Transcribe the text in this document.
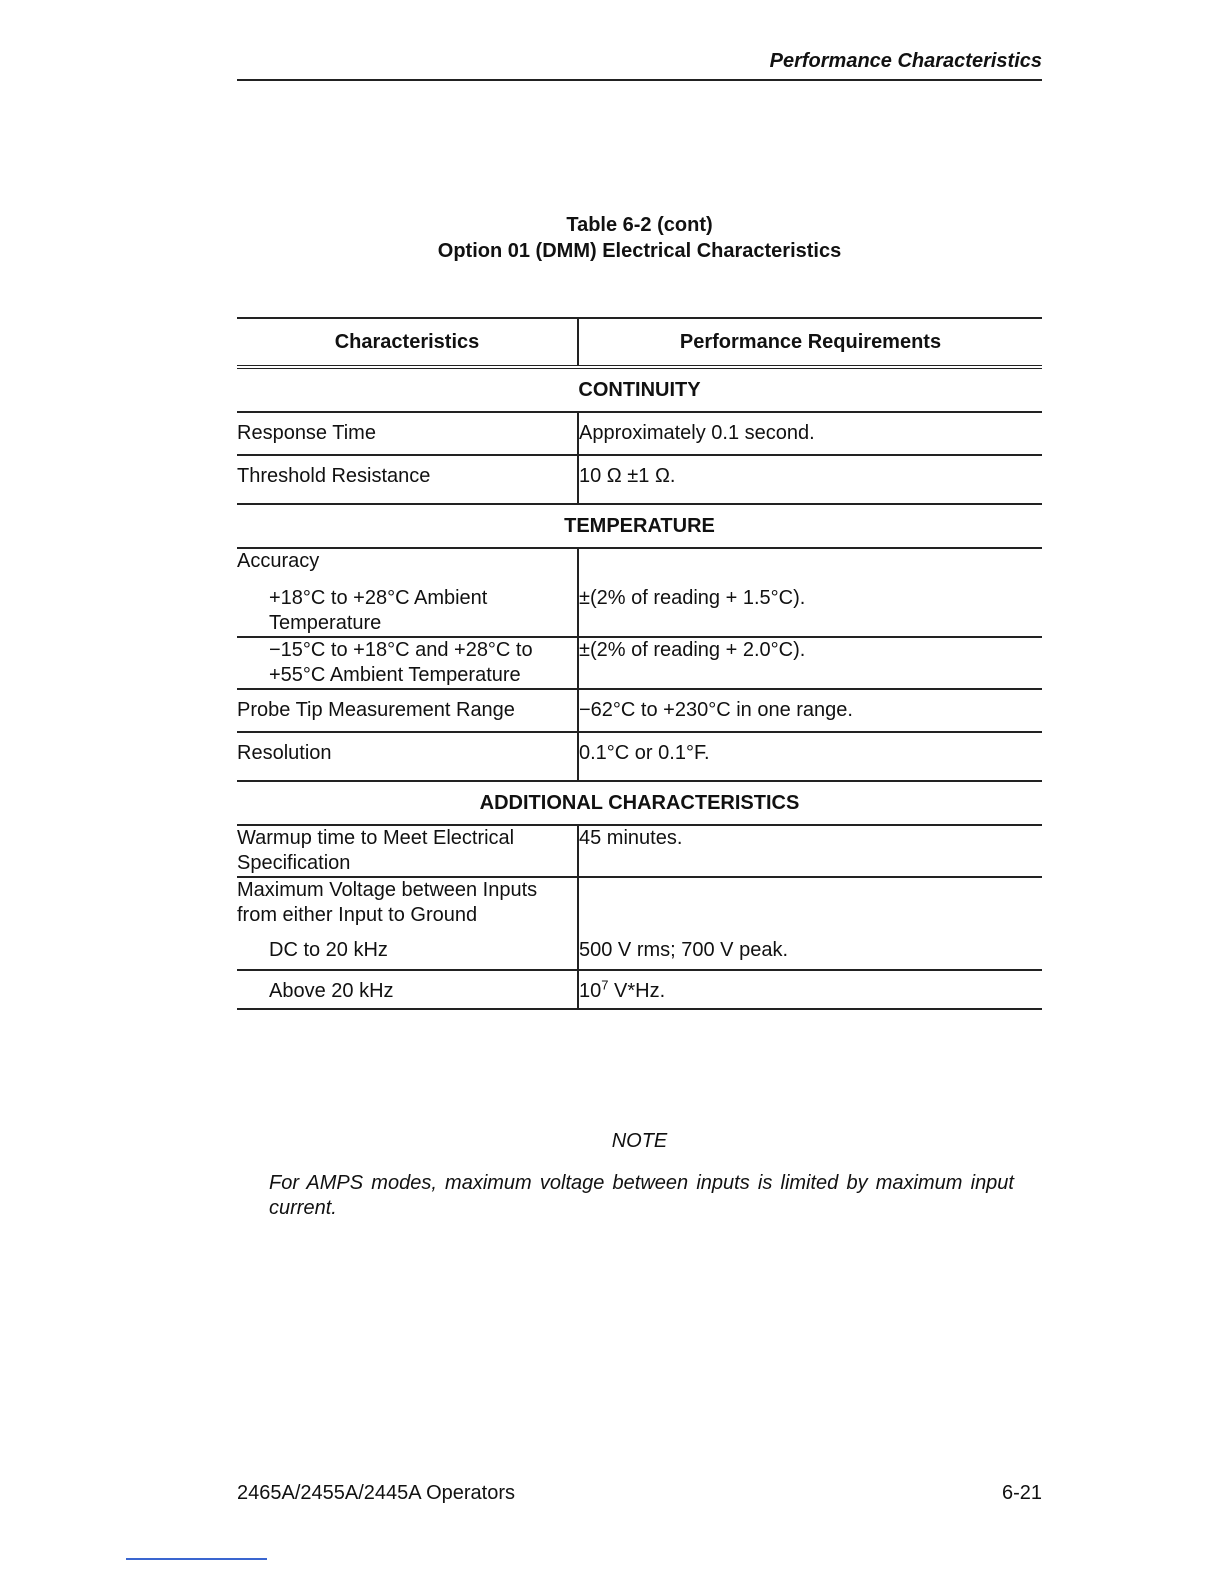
Performance Characteristics
Table 6-2 (cont)
Option 01 (DMM) Electrical Characteristics
Characteristics	Performance Requirements
CONTINUITY	
Response Time	Approximately 0.1 second.
Threshold Resistance	10 Ω ±1 Ω.
TEMPERATURE	
Accuracy	
+18°C to +28°C Ambient Temperature	±(2% of reading + 1.5°C).
−15°C to +18°C and +28°C to +55°C Ambient Temperature	±(2% of reading + 2.0°C).
Probe Tip Measurement Range	−62°C to +230°C in one range.
Resolution	0.1°C or 0.1°F.
ADDITIONAL CHARACTERISTICS	
Warmup time to Meet Electrical Specification	45 minutes.
Maximum Voltage between Inputs from either Input to Ground	
DC to 20 kHz	500 V rms; 700 V peak.
Above 20 kHz	$10^7$ V*Hz.
NOTE
For AMPS modes, maximum voltage between inputs is limited by maximum input current.
2465A/2455A/2445A Operators	6-21
